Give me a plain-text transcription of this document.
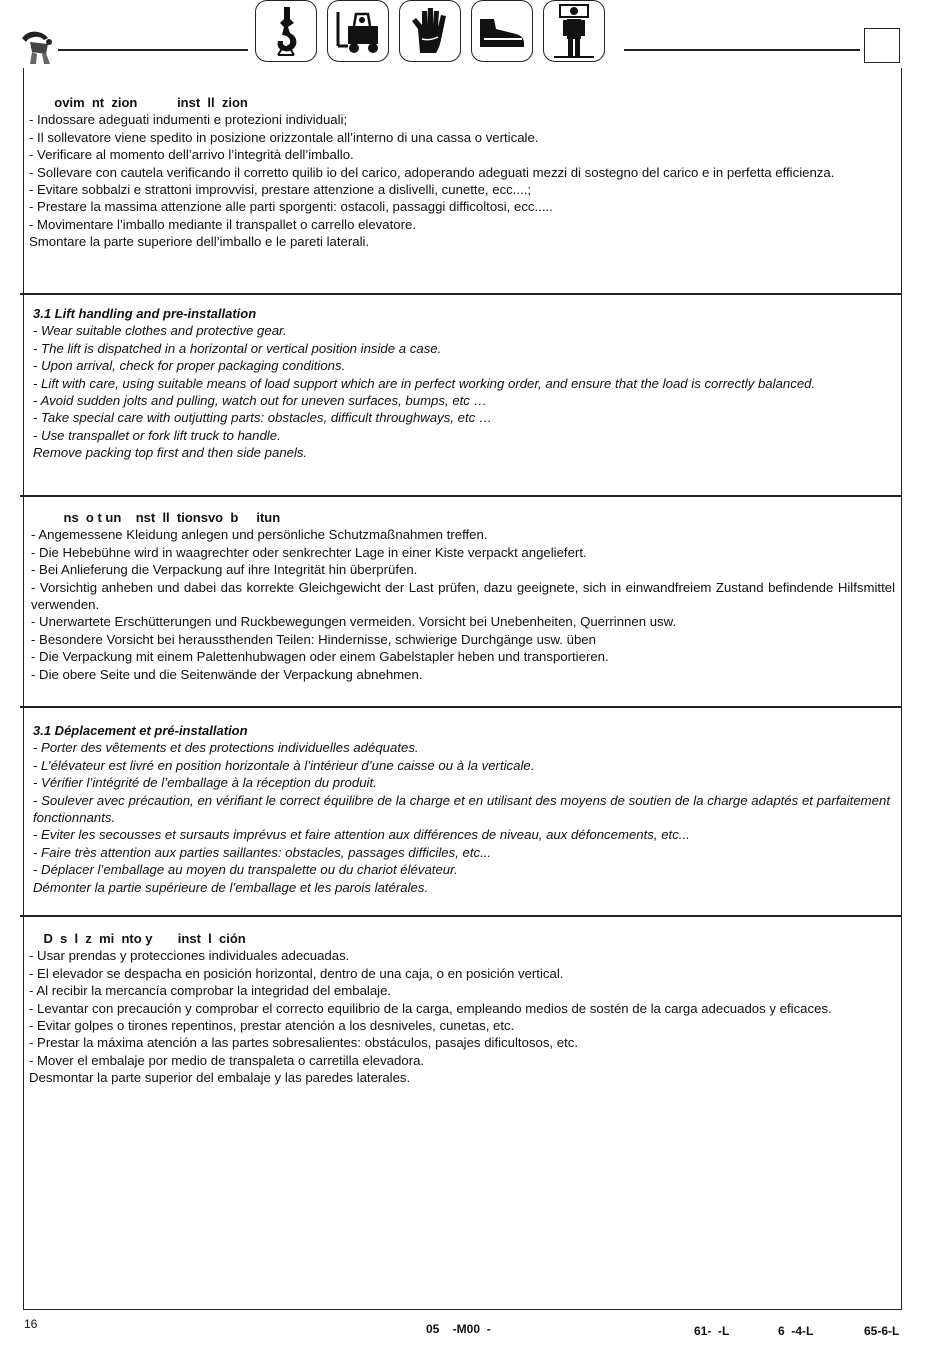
ovim  nt  zion           inst  ll  zion
- Indossare adeguati indumenti e protezioni individuali;
- Il sollevatore viene spedito in posizione orizzontale all’interno di una cassa o verticale.
- Verificare al momento dell’arrivo l’integrità dell’imballo.
- Sollevare con cautela verificando il corretto quilib io del carico, adoperando adeguati mezzi di sostegno del carico e in perfetta efficienza.
- Evitare sobbalzi e strattoni improvvisi, prestare attenzione a dislivelli, cunette, ecc....;
- Prestare la massima attenzione alle parti sporgenti: ostacoli, passaggi difficoltosi, ecc.....
- Movimentare l’imballo mediante il transpallet o carrello elevatore.
Smontare la parte superiore dell’imballo e le pareti laterali.
3.1 Lift handling and pre-installation
- Wear suitable clothes and protective gear.
- The lift is dispatched in a horizontal or vertical position inside a case.
- Upon arrival, check for proper packaging conditions.
- Lift with care, using suitable means of load support which are in perfect working order, and ensure that the load is correctly balanced.
- Avoid sudden jolts and pulling, watch out for uneven surfaces, bumps, etc …
- Take special care with outjutting parts: obstacles, difficult throughways, etc …
- Use transpallet or fork lift truck to handle.
Remove packing top first and then side panels.
ns  o t un    nst  ll  tionsvo  b     itun
- Angemessene Kleidung anlegen und persönliche Schutzmaßnahmen treffen.
- Die Hebebühne wird in waagrechter oder senkrechter Lage in einer Kiste verpackt angeliefert.
- Bei Anlieferung die Verpackung auf ihre Integrität hin überprüfen.
- Vorsichtig anheben und dabei das korrekte Gleichgewicht der Last prüfen, dazu geeignete, sich in einwandfreiem Zustand befindende Hilfsmittel verwenden.
- Unerwartete Erschütterungen und Ruckbewegungen vermeiden. Vorsicht bei Unebenheiten, Querrinnen usw.
- Besondere Vorsicht bei heraussthenden Teilen: Hindernisse, schwierige Durchgänge usw. üben
- Die Verpackung mit einem Palettenhubwagen oder einem Gabelstapler heben und transportieren.
- Die obere Seite und die Seitenwände der Verpackung abnehmen.
3.1 Déplacement et pré-installation
- Porter des vêtements et des protections individuelles adéquates.
- L’élévateur est livré en position horizontale à l’intérieur d’une caisse ou à la verticale.
- Vérifier l’intégrité de l’emballage à la réception du produit.
- Soulever avec précaution, en vérifiant le correct équilibre de la charge et en utilisant des moyens de soutien de la charge adaptés et parfaitement fonctionnants.
- Eviter les secousses et sursauts imprévus et faire attention aux différences de niveau, aux défoncements, etc...
- Faire très attention aux parties saillantes: obstacles, passages difficiles, etc...
- Déplacer l’emballage au moyen du transpalette ou du chariot élévateur.
Démonter la partie supérieure de l’emballage et les parois latérales.
D  s  l  z  mi  nto y       inst  l  ción
- Usar prendas y protecciones individuales adecuadas.
- El elevador se despacha en posición horizontal, dentro de una caja, o en posición vertical.
- Al recibir la mercancía comprobar la integridad del embalaje.
- Levantar con precaución y comprobar el correcto equilibrio de la carga, empleando medios de sostén de la carga adecuados y eficaces.
- Evitar golpes o tirones repentinos, prestar atención a los desniveles, cunetas, etc.
- Prestar la máxima atención a las partes sobresalientes: obstáculos, pasajes dificultosos, etc.
- Mover el embalaje por medio de transpaleta o carretilla elevadora.
Desmontar la parte superior del embalaje y las paredes laterales.
16	05    -M00  -	61-  -L	6  -4-L	65-6-L
